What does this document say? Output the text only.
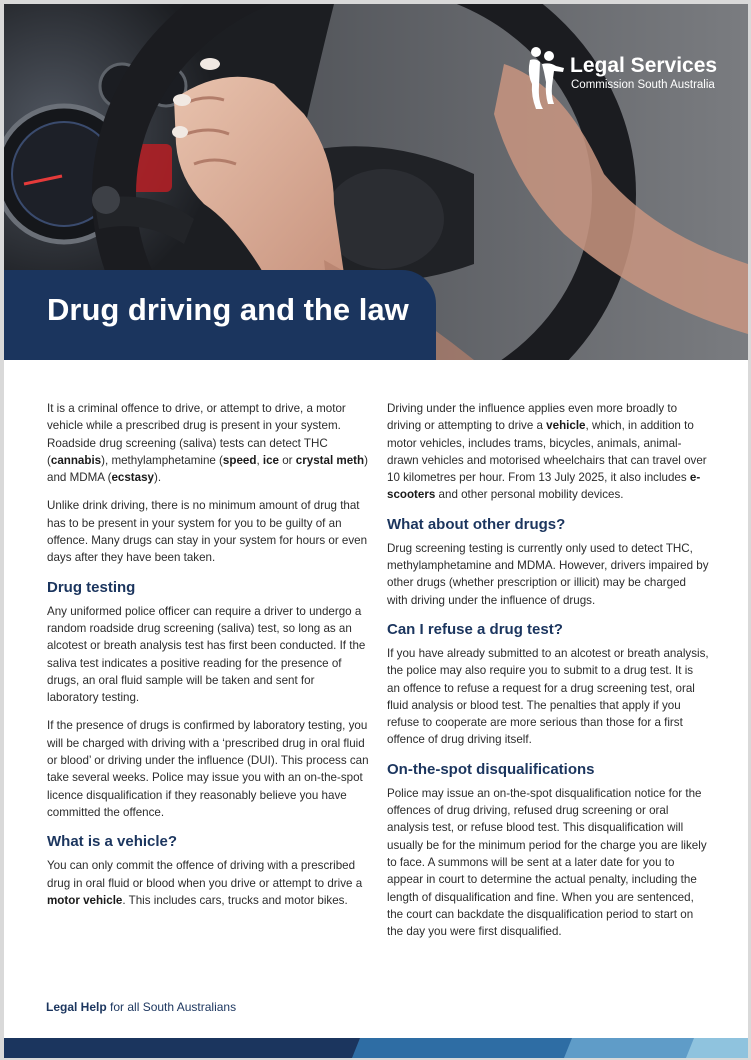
Legal Services
Commission South Australia
Drug driving and the law

It is a criminal offence to drive, or attempt to drive, a motor vehicle while a prescribed drug is present in your system. Roadside drug screening (saliva) tests can detect THC (cannabis), methylamphetamine (speed, ice or crystal meth) and MDMA (ecstasy).

Unlike drink driving, there is no minimum amount of drug that has to be present in your system for you to be guilty of an offence. Many drugs can stay in your system for hours or even days after they have been taken.

Drug testing

Any uniformed police officer can require a driver to undergo a random roadside drug screening (saliva) test, so long as an alcotest or breath analysis test has first been conducted. If the saliva test indicates a positive reading for the presence of drugs, an oral fluid sample will be taken and sent for laboratory testing.

If the presence of drugs is confirmed by laboratory testing, you will be charged with driving with a ‘prescribed drug in oral fluid or blood’ or driving under the influence (DUI). This process can take several weeks. Police may issue you with an on-the-spot licence disqualification if they reasonably believe you have committed the offence.

What is a vehicle?

You can only commit the offence of driving with a prescribed drug in oral fluid or blood when you drive or attempt to drive a motor vehicle. This includes cars, trucks and motor bikes.

Driving under the influence applies even more broadly to driving or attempting to drive a vehicle, which, in addition to motor vehicles, includes trams, bicycles, animals, animal-drawn vehicles and motorised wheelchairs that can travel over 10 kilometres per hour. From 13 July 2025, it also includes e-scooters and other personal mobility devices.

What about other drugs?

Drug screening testing is currently only used to detect THC, methylamphetamine and MDMA. However, drivers impaired by other drugs (whether prescription or illicit) may be charged with driving under the influence of drugs.

Can I refuse a drug test?

If you have already submitted to an alcotest or breath analysis, the police may also require you to submit to a drug test. It is an offence to refuse a request for a drug screening test, oral fluid analysis or blood test. The penalties that apply if you refuse to cooperate are more serious than those for a first offence of drug driving itself.

On-the-spot disqualifications

Police may issue an on-the-spot disqualification notice for the offences of drug driving, refused drug screening or oral analysis test, or refuse blood test. This disqualification will usually be for the minimum period for the charge you are likely to face. A summons will be sent at a later date for you to appear in court to determine the actual penalty, including the length of disqualification and fine. When you are sentenced, the court can backdate the disqualification period to start on the day you were first disqualified.

Legal Help for all South Australians
